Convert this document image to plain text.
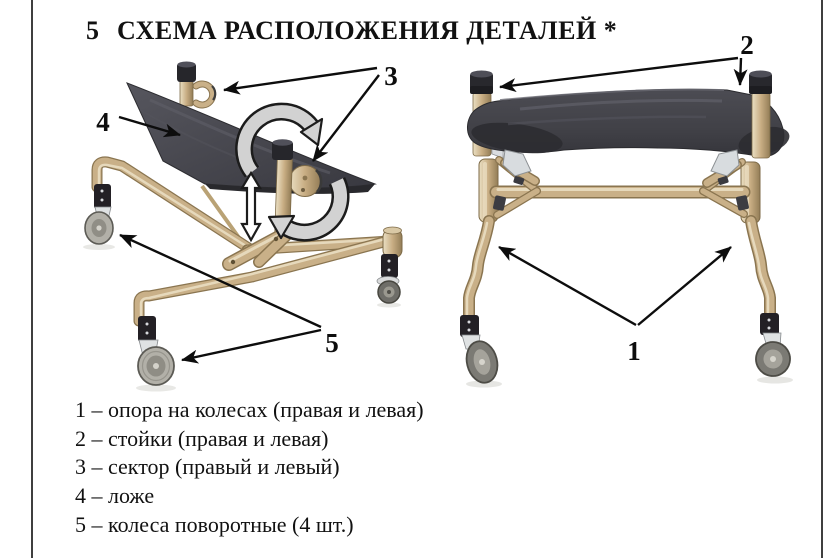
5 СХЕМА РАСПОЛОЖЕНИЯ ДЕТАЛЕЙ *
3
4
5
2
1
1 – опора на колесах (правая и левая)
2 – стойки (правая и левая)
3 – сектор (правый и левый)
4 – ложе
5 – колеса поворотные (4 шт.)
